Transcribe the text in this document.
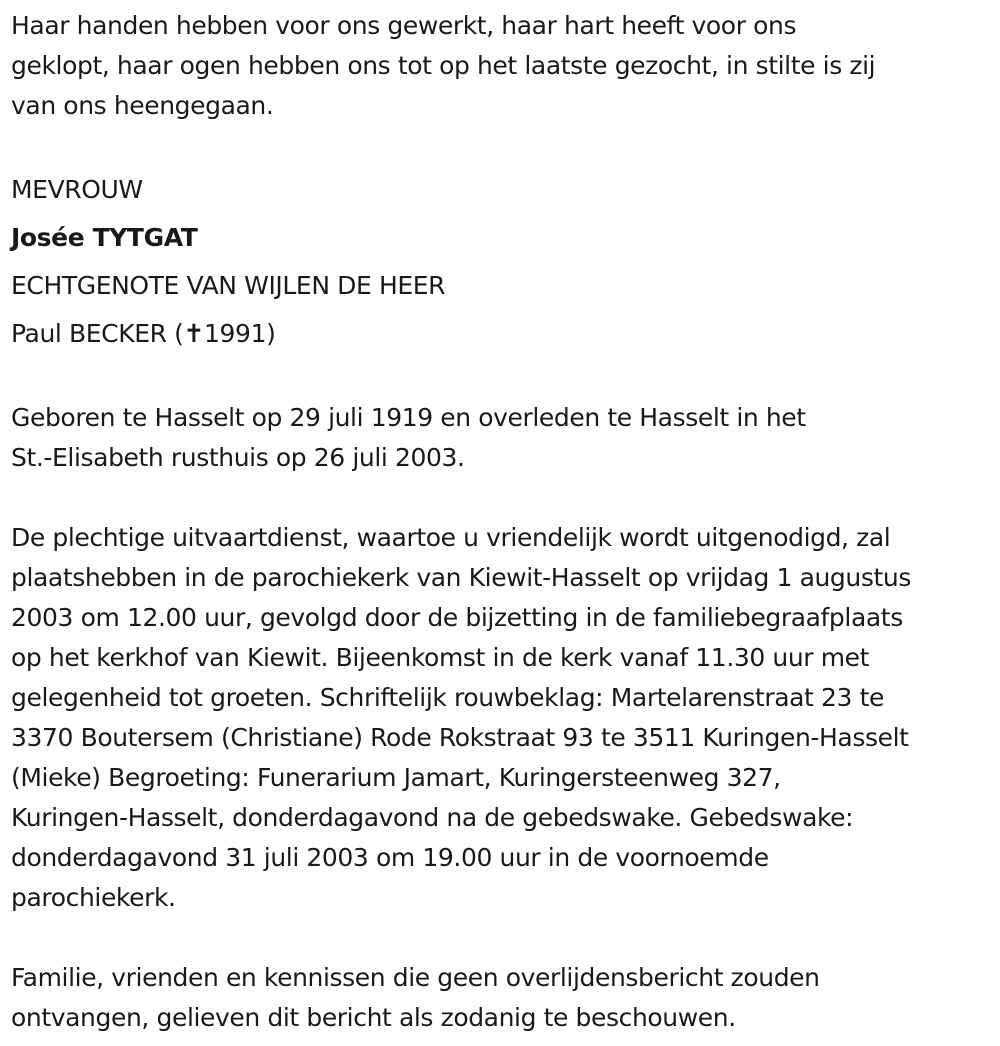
Haar handen hebben voor ons gewerkt, haar hart heeft voor ons
geklopt, haar ogen hebben ons tot op het laatste gezocht, in stilte is zij
van ons heengegaan.

MEVROUW
Josée TYTGAT
ECHTGENOTE VAN WIJLEN DE HEER
Paul BECKER (✝1991)

Geboren te Hasselt op 29 juli 1919 en overleden te Hasselt in het
St.-Elisabeth rusthuis op 26 juli 2003.

De plechtige uitvaartdienst, waartoe u vriendelijk wordt uitgenodigd, zal
plaatshebben in de parochiekerk van Kiewit-Hasselt op vrijdag 1 augustus
2003 om 12.00 uur, gevolgd door de bijzetting in de familiebegraafplaats
op het kerkhof van Kiewit. Bijeenkomst in de kerk vanaf 11.30 uur met
gelegenheid tot groeten. Schriftelijk rouwbeklag: Martelarenstraat 23 te
3370 Boutersem (Christiane) Rode Rokstraat 93 te 3511 Kuringen-Hasselt
(Mieke) Begroeting: Funerarium Jamart, Kuringersteenweg 327,
Kuringen-Hasselt, donderdagavond na de gebedswake. Gebedswake:
donderdagavond 31 juli 2003 om 19.00 uur in de voornoemde
parochiekerk.

Familie, vrienden en kennissen die geen overlijdensbericht zouden
ontvangen, gelieven dit bericht als zodanig te beschouwen.
